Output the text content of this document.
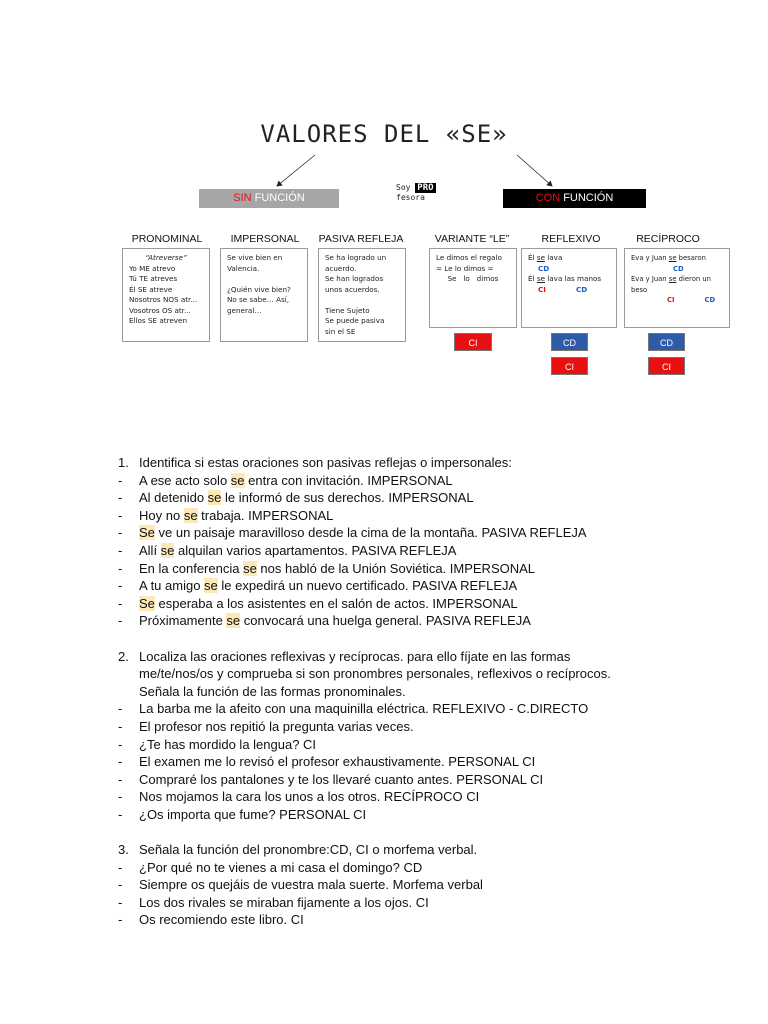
VALORES DEL «SE»
SIN FUNCIÓN
Soy PRO
fesora	CON FUNCIÓN
PRONOMINAL	IMPERSONAL	PASIVA REFLEJA	VARIANTE “LE”	REFLEXIVO	RECÍPROCO

“Atreverse”

Yo ME atrevo

Tú TE atreves

Él SE atreve

Nosotros NOS atr...

Vosotros OS atr...

Ellos SE atreven

Se vive bien en

Valencia.

¿Quién vive bien?

No se sabe… Así,

general…

Se ha logrado un

acuerdo.

Se han logrados

unos acuerdos.

Tiene Sujeto

Se puede pasiva

sin el SE

Le dimos el regalo

= Le lo dimos =

Se   lo   dimos

Él se lava

CD

Él se lava las manos

CI	CD

Eva y Juan se besaron

CD

Eva y Juan se dieron un beso

CI	CD

CI	CD
CI
CD
CI
1. Identifica si estas oraciones son pasivas reflejas o impersonales:
- A ese acto solo se entra con invitación. IMPERSONAL
- Al detenido se le informó de sus derechos. IMPERSONAL
- Hoy no se trabaja. IMPERSONAL
- Se ve un paisaje maravilloso desde la cima de la montaña. PASIVA REFLEJA
- Allí se alquilan varios apartamentos. PASIVA REFLEJA
- En la conferencia se nos habló de la Unión Soviética. IMPERSONAL
- A tu amigo se le expedirá un nuevo certificado. PASIVA REFLEJA
- Se esperaba a los asistentes en el salón de actos. IMPERSONAL
- Próximamente se convocará una huelga general. PASIVA REFLEJA
2. Localiza las oraciones reflexivas y recíprocas. para ello fíjate en las formas
me/te/nos/os y comprueba si son pronombres personales, reflexivos o recíprocos.
Señala la función de las formas pronominales.
- La barba me la afeito con una maquinilla eléctrica. REFLEXIVO - C.DIRECTO
- El profesor nos repitió la pregunta varias veces.
- ¿Te has mordido la lengua? CI
- El examen me lo revisó el profesor exhaustivamente. PERSONAL CI
- Compraré los pantalones y te los llevaré cuanto antes. PERSONAL CI
- Nos mojamos la cara los unos a los otros. RECÍPROCO CI
- ¿Os importa que fume? PERSONAL CI
3. Señala la función del pronombre:CD, CI o morfema verbal.
- ¿Por qué no te vienes a mi casa el domingo? CD
- Siempre os quejáis de vuestra mala suerte. Morfema verbal
- Los dos rivales se miraban fijamente a los ojos. CI
- Os recomiendo este libro. CI
